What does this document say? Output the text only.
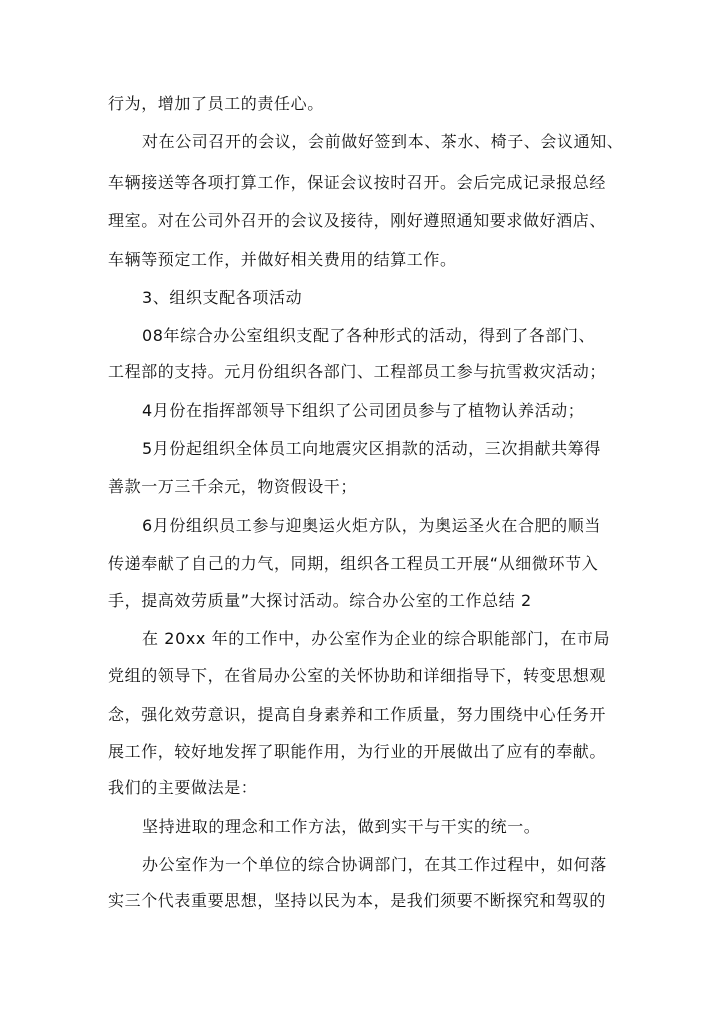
行为，增加了员工的责任心。
对在公司召开的会议，会前做好签到本、茶水、椅子、会议通知、
车辆接送等各项打算工作，保证会议按时召开。会后完成记录报总经
理室。对在公司外召开的会议及接待，刚好遵照通知要求做好酒店、
车辆等预定工作，并做好相关费用的结算工作。
3、组织支配各项活动
08年综合办公室组织支配了各种形式的活动，得到了各部门、
工程部的支持。元月份组织各部门、工程部员工参与抗雪救灾活动；
4月份在指挥部领导下组织了公司团员参与了植物认养活动；
5月份起组织全体员工向地震灾区捐款的活动，三次捐献共筹得
善款一万三千余元，物资假设干；
6月份组织员工参与迎奥运火炬方队，为奥运圣火在合肥的顺当
传递奉献了自己的力气，同期，组织各工程员工开展“从细微环节入
手，提高效劳质量”大探讨活动。综合办公室的工作总结 2
在 20xx 年的工作中，办公室作为企业的综合职能部门，在市局
党组的领导下，在省局办公室的关怀协助和详细指导下，转变思想观
念，强化效劳意识，提高自身素养和工作质量，努力围绕中心任务开
展工作，较好地发挥了职能作用，为行业的开展做出了应有的奉献。
我们的主要做法是：
坚持进取的理念和工作方法，做到实干与干实的统一。
办公室作为一个单位的综合协调部门，在其工作过程中，如何落
实三个代表重要思想，坚持以民为本，是我们须要不断探究和驾驭的
